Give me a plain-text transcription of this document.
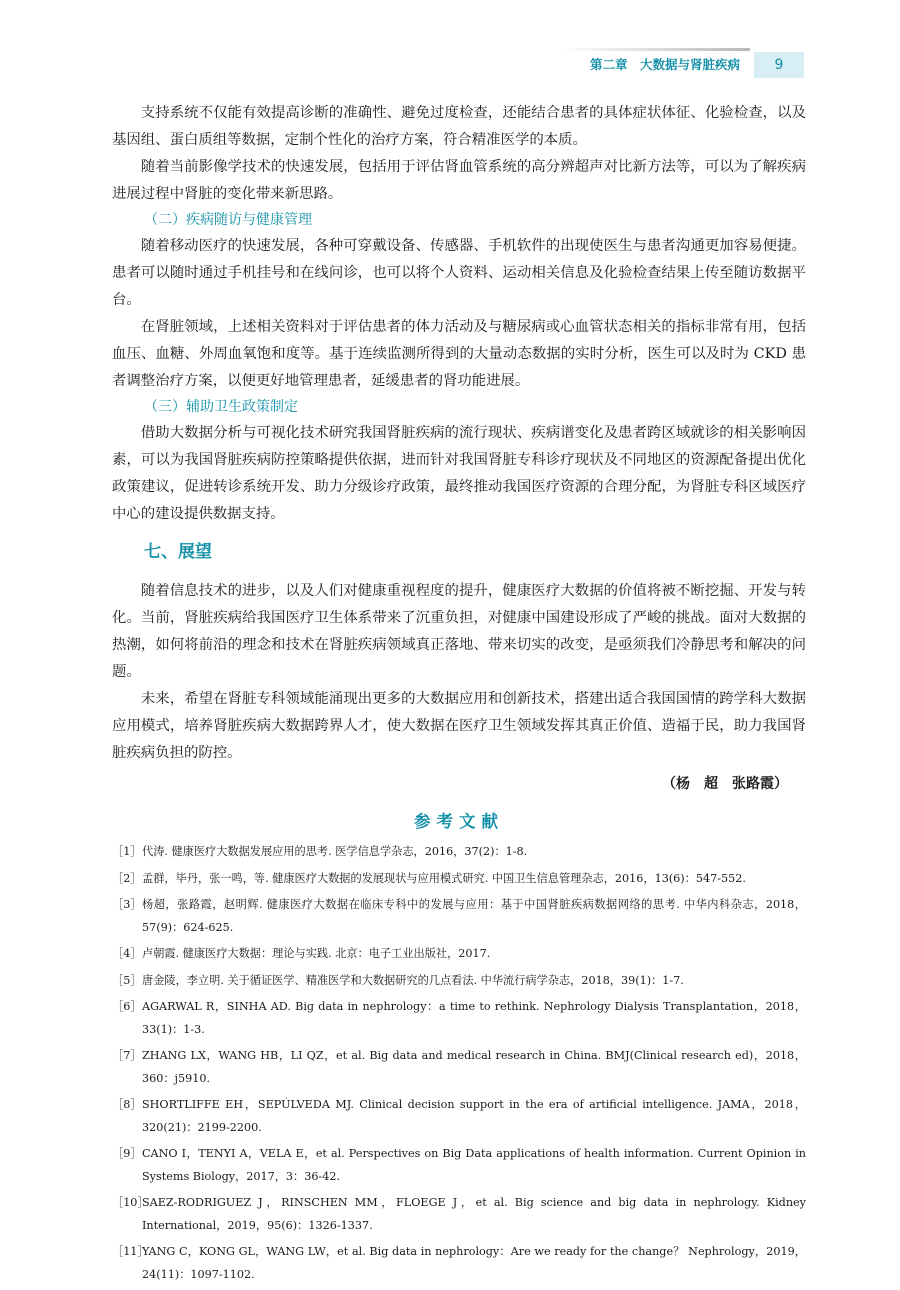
第二章　大数据与肾脏疾病	9

支持系统不仅能有效提高诊断的准确性、避免过度检查，还能结合患者的具体症状体征、化验检查，以及基因组、蛋白质组等数据，定制个性化的治疗方案，符合精准医学的本质。

随着当前影像学技术的快速发展，包括用于评估肾血管系统的高分辨超声对比新方法等，可以为了解疾病进展过程中肾脏的变化带来新思路。

（二）疾病随访与健康管理

随着移动医疗的快速发展，各种可穿戴设备、传感器、手机软件的出现使医生与患者沟通更加容易便捷。患者可以随时通过手机挂号和在线问诊，也可以将个人资料、运动相关信息及化验检查结果上传至随访数据平台。

在肾脏领域，上述相关资料对于评估患者的体力活动及与糖尿病或心血管状态相关的指标非常有用，包括血压、血糖、外周血氧饱和度等。基于连续监测所得到的大量动态数据的实时分析，医生可以及时为 CKD 患者调整治疗方案，以便更好地管理患者，延缓患者的肾功能进展。

（三）辅助卫生政策制定

借助大数据分析与可视化技术研究我国肾脏疾病的流行现状、疾病谱变化及患者跨区域就诊的相关影响因素，可以为我国肾脏疾病防控策略提供依据，进而针对我国肾脏专科诊疗现状及不同地区的资源配备提出优化政策建议，促进转诊系统开发、助力分级诊疗政策，最终推动我国医疗资源的合理分配，为肾脏专科区域医疗中心的建设提供数据支持。

七、展望

随着信息技术的进步，以及人们对健康重视程度的提升，健康医疗大数据的价值将被不断挖掘、开发与转化。当前，肾脏疾病给我国医疗卫生体系带来了沉重负担，对健康中国建设形成了严峻的挑战。面对大数据的热潮，如何将前沿的理念和技术在肾脏疾病领域真正落地、带来切实的改变，是亟须我们冷静思考和解决的问题。

未来，希望在肾脏专科领域能涌现出更多的大数据应用和创新技术，搭建出适合我国国情的跨学科大数据应用模式，培养肾脏疾病大数据跨界人才，使大数据在医疗卫生领域发挥其真正价值、造福于民，助力我国肾脏疾病负担的防控。

（杨　超　张路霞）
参考文献
［1］ 代涛. 健康医疗大数据发展应用的思考. 医学信息学杂志，2016，37(2)：1-8.
［2］ 孟群，毕丹，张一鸣，等. 健康医疗大数据的发展现状与应用模式研究. 中国卫生信息管理杂志，2016，13(6)：547-552.
［3］ 杨超，张路霞，赵明辉. 健康医疗大数据在临床专科中的发展与应用：基于中国肾脏疾病数据网络的思考. 中华内科杂志，2018，57(9)：624-625.
［4］ 卢朝霞. 健康医疗大数据：理论与实践. 北京：电子工业出版社，2017.
［5］ 唐金陵，李立明. 关于循证医学、精准医学和大数据研究的几点看法. 中华流行病学杂志，2018，39(1)：1-7.
［6］ AGARWAL R，SINHA AD. Big data in nephrology：a time to rethink. Nephrology Dialysis Transplantation，2018，33(1)：1-3.
［7］ ZHANG LX，WANG HB，LI QZ，et al. Big data and medical research in China. BMJ(Clinical research ed)，2018，360：j5910.
［8］ SHORTLIFFE EH，SEPÚLVEDA MJ. Clinical decision support in the era of artificial intelligence. JAMA，2018，320(21)：2199-2200.
［9］ CANO I，TENYI A，VELA E，et al. Perspectives on Big Data applications of health information. Current Opinion in Systems Biology，2017，3：36-42.
［10］
SAEZ-RODRIGUEZ J，RINSCHEN MM，FLOEGE J，et al. Big science and big data in nephrology. Kidney International，2019，95(6)：1326-1337.
［11］
YANG C，KONG GL，WANG LW，et al. Big data in nephrology：Are we ready for the change？ Nephrology，2019，24(11)：1097-1102.
